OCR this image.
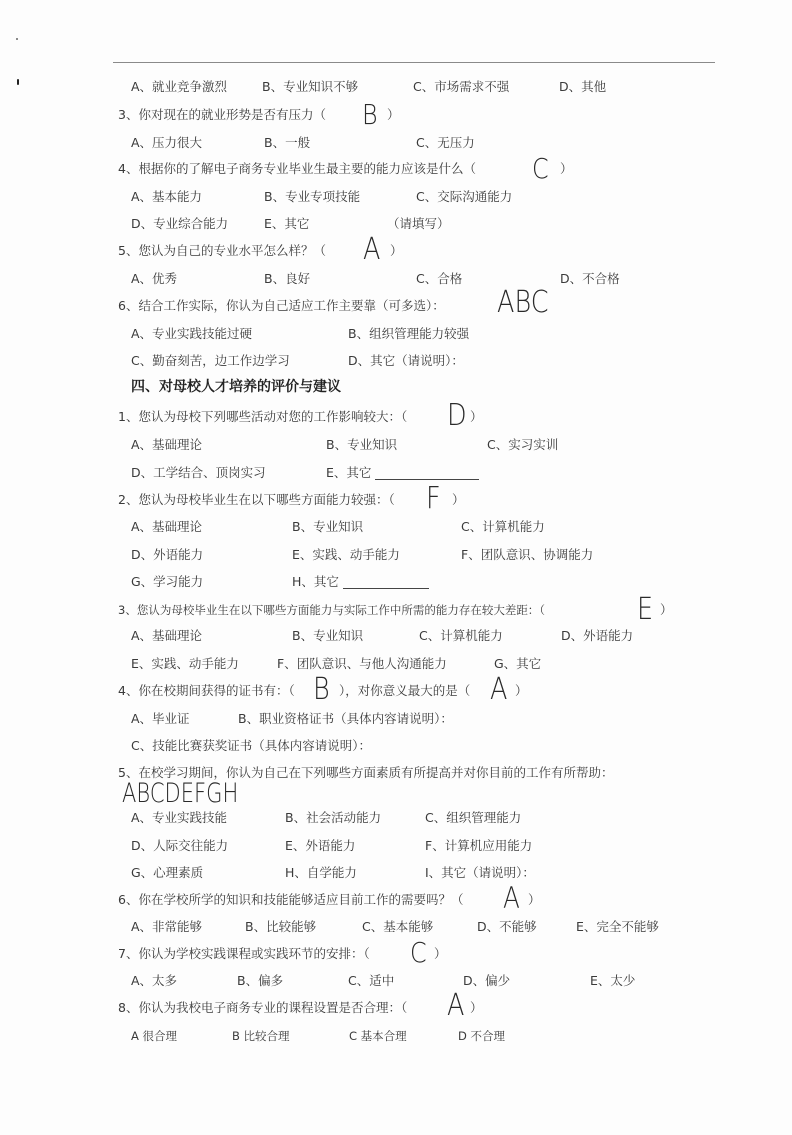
A、就业竞争激烈	B、专业知识不够	C、市场需求不强	D、其他
3、你对现在的就业形势是否有压力（ B ）
A、压力很大	B、一般	C、无压力
4、根据你的了解电子商务专业毕业生最主要的能力应该是什么（ C ）
A、基本能力	B、专业专项技能	C、交际沟通能力
D、专业综合能力	E、其它	（请填写）
5、您认为自己的专业水平怎么样？（ A ）
A、优秀	B、良好	C、合格	D、不合格
6、结合工作实际，你认为自己适应工作主要靠（可多选）： ABC
A、专业实践技能过硬	B、组织管理能力较强
C、勤奋刻苦，边工作边学习	D、其它（请说明）：
四、对母校人才培养的评价与建议
1、您认为母校下列哪些活动对您的工作影响较大：（ D ）
A、基础理论	B、专业知识	C、实习实训
D、工学结合、顶岗实习	E、其它
2、您认为母校毕业生在以下哪些方面能力较强：（ F ）
A、基础理论	B、专业知识	C、计算机能力
D、外语能力	E、实践、动手能力	F、团队意识、协调能力
G、学习能力	H、其它
3、您认为母校毕业生在以下哪些方面能力与实际工作中所需的能力存在较大差距：（	E ）
A、基础理论	B、专业知识	C、计算机能力	D、外语能力
E、实践、动手能力	F、团队意识、与他人沟通能力	G、其它
4、你在校期间获得的证书有：（ B ），对你意义最大的是（ A ）
A、毕业证	B、职业资格证书（具体内容请说明）：
C、技能比赛获奖证书（具体内容请说明）：
5、在校学习期间，你认为自己在下列哪些方面素质有所提高并对你目前的工作有所帮助：
ABCDEFGH
A、专业实践技能	B、社会活动能力	C、组织管理能力
D、人际交往能力	E、外语能力	F、计算机应用能力
G、心理素质	H、自学能力	I、其它（请说明）：
6、你在学校所学的知识和技能能够适应目前工作的需要吗？（ A ）
A、非常能够	B、比较能够	C、基本能够	D、不能够	E、完全不能够
7、你认为学校实践课程或实践环节的安排：（ C ）
A、太多	B、偏多	C、适中	D、偏少	E、太少
8、你认为我校电子商务专业的课程设置是否合理：（ A ）
A 很合理	B 比较合理	C 基本合理	D 不合理
